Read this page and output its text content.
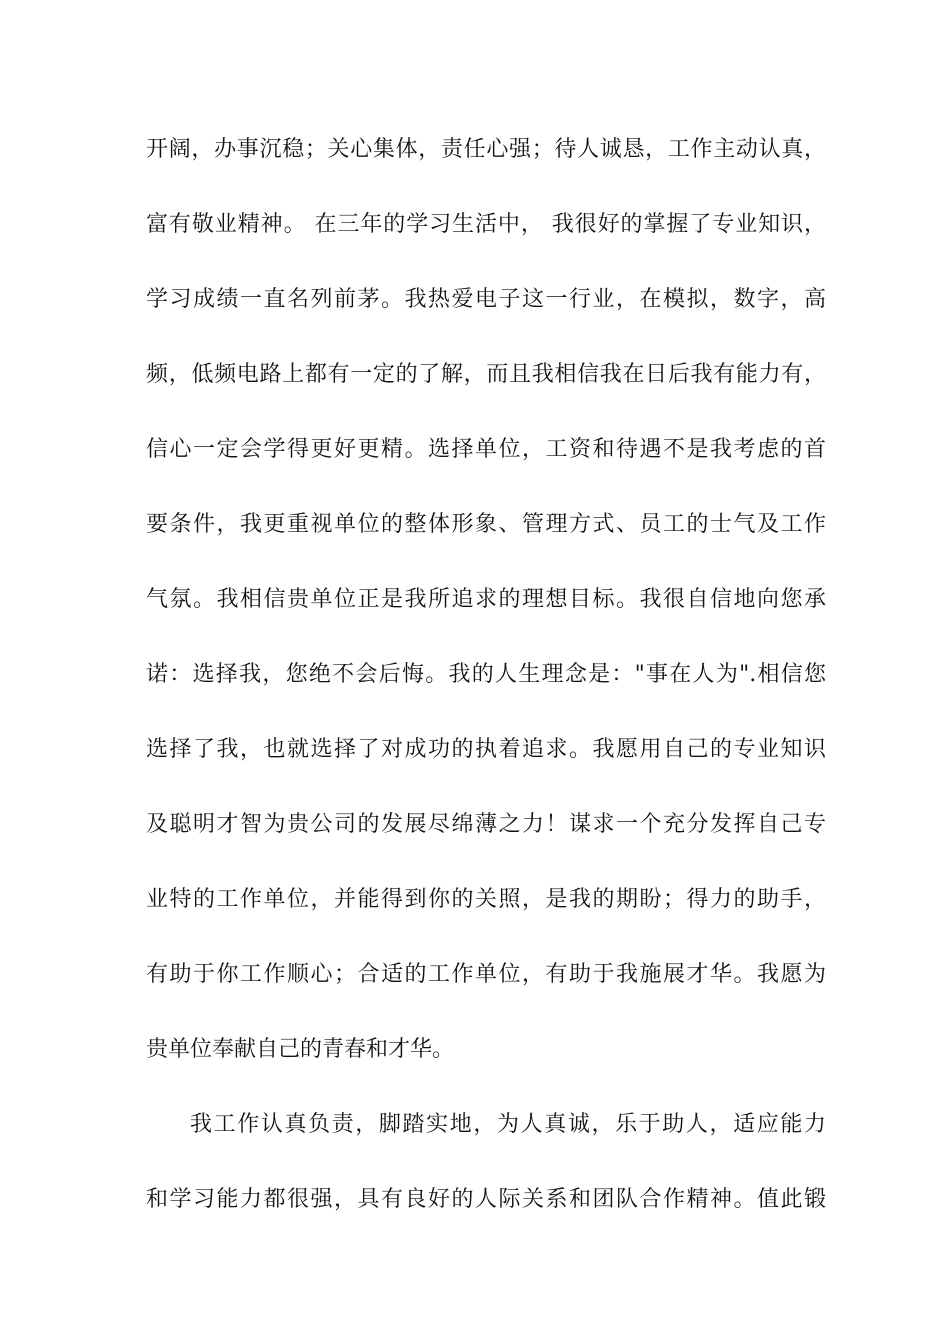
开阔，办事沉稳；关心集体，责任心强；待人诚恳，工作主动认真，
富有敬业精神。 在三年的学习生活中， 我很好的掌握了专业知识，
学习成绩一直名列前茅。我热爱电子这一行业，在模拟，数字，高
频，低频电路上都有一定的了解，而且我相信我在日后我有能力有，
信心一定会学得更好更精。选择单位，工资和待遇不是我考虑的首
要条件，我更重视单位的整体形象、管理方式、员工的士气及工作
气氛。我相信贵单位正是我所追求的理想目标。我很自信地向您承
诺：选择我，您绝不会后悔。我的人生理念是："事在人为".相信您
选择了我，也就选择了对成功的执着追求。我愿用自己的专业知识
及聪明才智为贵公司的发展尽绵薄之力！谋求一个充分发挥自己专
业特的工作单位，并能得到你的关照，是我的期盼；得力的助手，
有助于你工作顺心；合适的工作单位，有助于我施展才华。我愿为
贵单位奉献自己的青春和才华。
我工作认真负责，脚踏实地，为人真诚，乐于助人，适应能力
和学习能力都很强，具有良好的人际关系和团队合作精神。值此锻
